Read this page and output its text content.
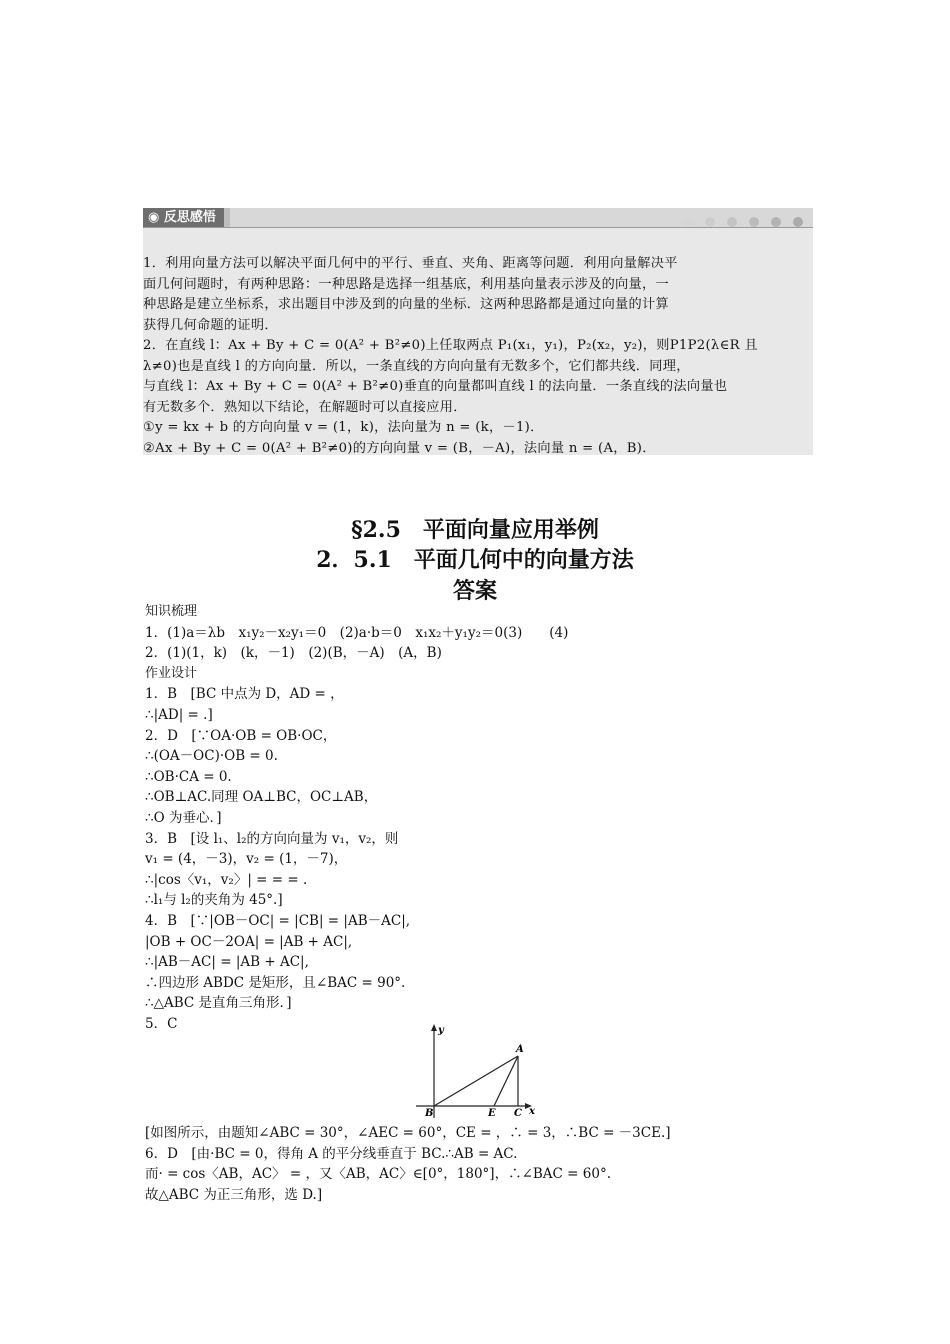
◉ 反思感悟

1．利用向量方法可以解决平面几何中的平行、垂直、夹角、距离等问题．利用向量解决平

面几何问题时，有两种思路：一种思路是选择一组基底，利用基向量表示涉及的向量，一

种思路是建立坐标系，求出题目中涉及到的向量的坐标．这两种思路都是通过向量的计算

获得几何命题的证明．

2．在直线 l：Ax + By + C = 0(A² + B²≠0)上任取两点 P₁(x₁，y₁)，P₂(x₂，y₂)，则P1P2(λ∈R 且

λ≠0)也是直线 l 的方向向量．所以，一条直线的方向向量有无数多个，它们都共线．同理，

与直线 l：Ax + By + C = 0(A² + B²≠0)垂直的向量都叫直线 l 的法向量．一条直线的法向量也

有无数多个．熟知以下结论，在解题时可以直接应用．

①y = kx + b 的方向向量 v = (1，k)，法向量为 n = (k，－1)．

②Ax + By + C = 0(A² + B²≠0)的方向向量 v = (B，－A)，法向量 n = (A，B)．

§2.5　平面向量应用举例
2．5.1　平面几何中的向量方法
答案

知识梳理

1．(1)a＝λb　x₁y₂－x₂y₁＝0　(2)a·b＝0　x₁x₂＋y₁y₂＝0(3)　　(4)

2．(1)(1，k)　(k，－1)　(2)(B，－A)　(A，B)

作业设计

1．B　[BC 中点为 D，AD = ，

∴|AD| = .]

2．D　[∵OA·OB = OB·OC，

∴(OA－OC)·OB = 0.

∴OB·CA = 0.

∴OB⊥AC.同理 OA⊥BC，OC⊥AB，

∴O 为垂心．]

3．B　[设 l₁、l₂的方向向量为 v₁，v₂，则

v₁ = (4，－3)，v₂ = (1，－7)，

∴|cos〈v₁，v₂〉| = = = .

∴l₁与 l₂的夹角为 45°.]

4．B　[∵|OB－OC| = |CB| = |AB－AC|,

|OB + OC－2OA| = |AB + AC|,

∴|AB－AC| = |AB + AC|,

∴四边形 ABDC 是矩形，且∠BAC = 90°.

∴△ABC 是直角三角形．]

5．C	y
x
A
B	E C

[如图所示，由题知∠ABC = 30°，∠AEC = 60°，CE = ，∴ = 3，∴BC = －3CE.]

6．D　[由·BC = 0，得角 A 的平分线垂直于 BC.∴AB = AC.

而· = cos〈AB，AC〉 = ，又〈AB，AC〉∈[0°，180°]，∴∠BAC = 60°.

故△ABC 为正三角形，选 D.]
